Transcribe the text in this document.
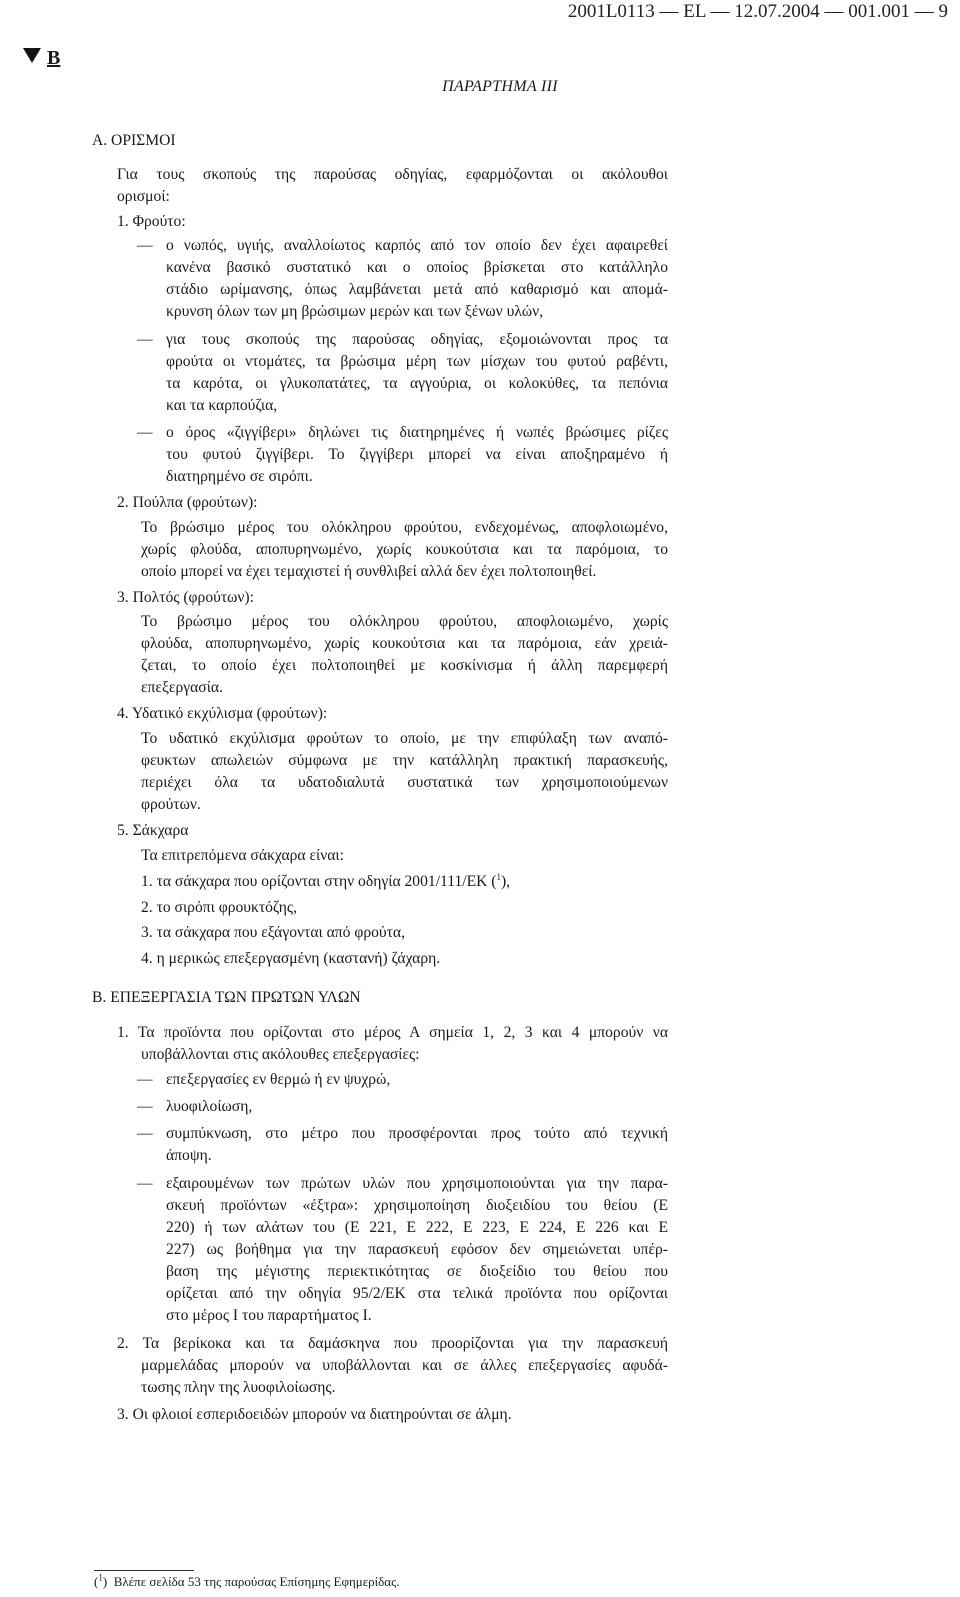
2001L0113 — EL — 12.07.2004 — 001.001 — 9
B
ΠΑΡΑΡΤΗΜΑ III
A. ΟΡΙΣΜΟΙ
Για τους σκοπούς της παρούσας οδηγίας, εφαρμόζονται οι ακόλουθοι
ορισμοί:
1. Φρούτο:
— ο νωπός, υγιής, αναλλοίωτος καρπός από τον οποίο δεν έχει αφαιρεθεί
κανένα βασικό συστατικό και ο οποίος βρίσκεται στο κατάλληλο
στάδιο ωρίμανσης, όπως λαμβάνεται μετά από καθαρισμό και απομά-
κρυνση όλων των μη βρώσιμων μερών και των ξένων υλών,
— για τους σκοπούς της παρούσας οδηγίας, εξομοιώνονται προς τα
φρούτα οι ντομάτες, τα βρώσιμα μέρη των μίσχων του φυτού ραβέντι,
τα καρότα, οι γλυκοπατάτες, τα αγγούρια, οι κολοκύθες, τα πεπόνια
και τα καρπούζια,
— ο όρος «ζιγγίβερι» δηλώνει τις διατηρημένες ή νωπές βρώσιμες ρίζες
του φυτού ζιγγίβερι. Το ζιγγίβερι μπορεί να είναι αποξηραμένο ή
διατηρημένο σε σιρόπι.
2. Πούλπα (φρούτων):
Το βρώσιμο μέρος του ολόκληρου φρούτου, ενδεχομένως, αποφλοιωμένο,
χωρίς φλούδα, αποπυρηνωμένο, χωρίς κουκούτσια και τα παρόμοια, το
οποίο μπορεί να έχει τεμαχιστεί ή συνθλιβεί αλλά δεν έχει πολτοποιηθεί.
3. Πολτός (φρούτων):
Το βρώσιμο μέρος του ολόκληρου φρούτου, αποφλοιωμένο, χωρίς
φλούδα, αποπυρηνωμένο, χωρίς κουκούτσια και τα παρόμοια, εάν χρειά-
ζεται, το οποίο έχει πολτοποιηθεί με κοσκίνισμα ή άλλη παρεμφερή
επεξεργασία.
4. Υδατικό εκχύλισμα (φρούτων):
Το υδατικό εκχύλισμα φρούτων το οποίο, με την επιφύλαξη των αναπό-
φευκτων απωλειών σύμφωνα με την κατάλληλη πρακτική παρασκευής,
περιέχει όλα τα υδατοδιαλυτά συστατικά των χρησιμοποιούμενων
φρούτων.
5. Σάκχαρα
Τα επιτρεπόμενα σάκχαρα είναι:
1. τα σάκχαρα που ορίζονται στην οδηγία 2001/111/ΕΚ ($^1$),
2. το σιρόπι φρουκτόζης,
3. τα σάκχαρα που εξάγονται από φρούτα,
4. η μερικώς επεξεργασμένη (καστανή) ζάχαρη.
B. ΕΠΕΞΕΡΓΑΣΙΑ ΤΩΝ ΠΡΩΤΩΝ ΥΛΩΝ
1. Τα προϊόντα που ορίζονται στο μέρος Α σημεία 1, 2, 3 και 4 μπορούν να
υποβάλλονται στις ακόλουθες επεξεργασίες:
— επεξεργασίες εν θερμώ ή εν ψυχρώ,
— λυοφιλοίωση,
— συμπύκνωση, στο μέτρο που προσφέρονται προς τούτο από τεχνική
άποψη.
— εξαιρουμένων των πρώτων υλών που χρησιμοποιούνται για την παρα-
σκευή προϊόντων «έξτρα»: χρησιμοποίηση διοξειδίου του θείου (E
220) ή των αλάτων του (E 221, E 222, E 223, E 224, E 226 και E
227) ως βοήθημα για την παρασκευή εφόσον δεν σημειώνεται υπέρ-
βαση της μέγιστης περιεκτικότητας σε διοξείδιο του θείου που
ορίζεται από την οδηγία 95/2/ΕΚ στα τελικά προϊόντα που ορίζονται
στο μέρος I του παραρτήματος I.
2. Τα βερίκοκα και τα δαμάσκηνα που προορίζονται για την παρασκευή
μαρμελάδας μπορούν να υποβάλλονται και σε άλλες επεξεργασίες αφυδά-
τωσης πλην της λυοφιλοίωσης.
3. Οι φλοιοί εσπεριδοειδών μπορούν να διατηρούνται σε άλμη.
($^1$)  Βλέπε σελίδα 53 της παρούσας Επίσημης Εφημερίδας.
